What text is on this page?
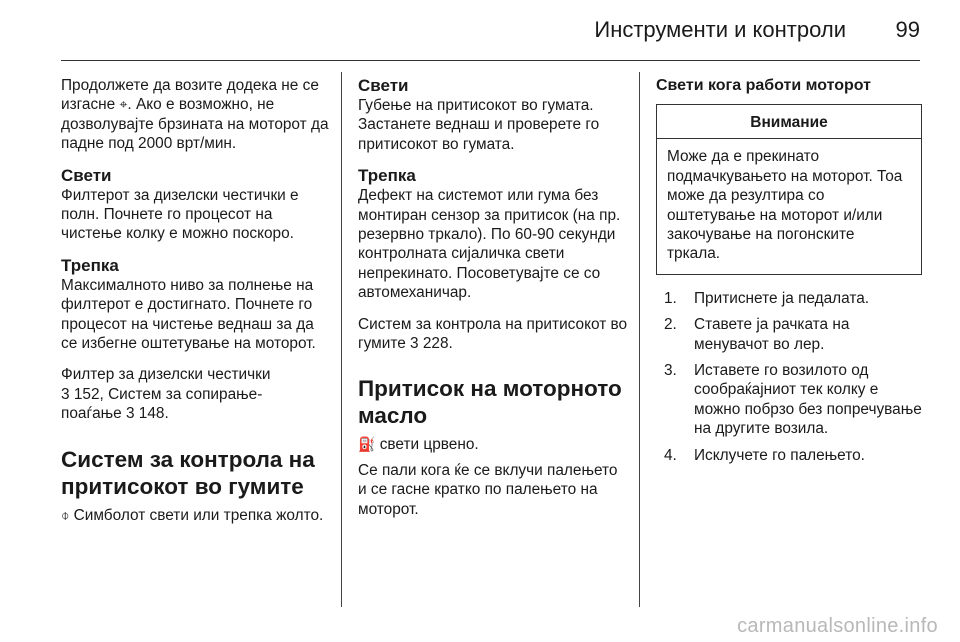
Инструменти и контроли 99

Продолжете да возите додека не се изгасне ⌖. Ако е возможно, не дозволувајте брзината на моторот да падне под 2000 врт/мин.

Свети

Филтерот за дизелски честички е полн. Почнете го процесот на чистење колку е можно поскоро.

Трепка

Максималното ниво за полнење на филтерот е достигнато. Почнете го процесот на чистење веднаш за да се избегне оштетување на моторот.

Филтер за дизелски честички
3 152, Систем за сопирање-
поаѓање 3 148.

Систем за контрола на притисокот во гумите

⌽ Симболот свети или трепка жолто.

Свети

Губење на притисокот во гумата. Застанете веднаш и проверете го притисокот во гумата.

Трепка

Дефект на системот или гума без монтиран сензор за притисок (на пр. резервно тркало). По 60-90 секунди контролната сијаличка свети непрекинато. Посоветувајте се со автомеханичар.

Систем за контрола на притисокот во гумите 3 228.

Притисок на моторното масло

⛽ свети црвено.

Се пали кога ќе се вклучи палењето и се гасне кратко по палењето на моторот.

Свети кога работи моторот
Внимание
Може да е прекинато подмачкувањето на моторот. Тоа може да резултира со оштетување на моторот и/или закочување на погонските тркала.
1.	Притиснете ја педалата.
2.	Ставете ја рачката на менувачот во лер.
3.	Иставете го возилото од сообраќајниот тек колку е можно побрзо без попречување на другите возила.
4.	Исклучете го палењето.
carmanualsonline.info
